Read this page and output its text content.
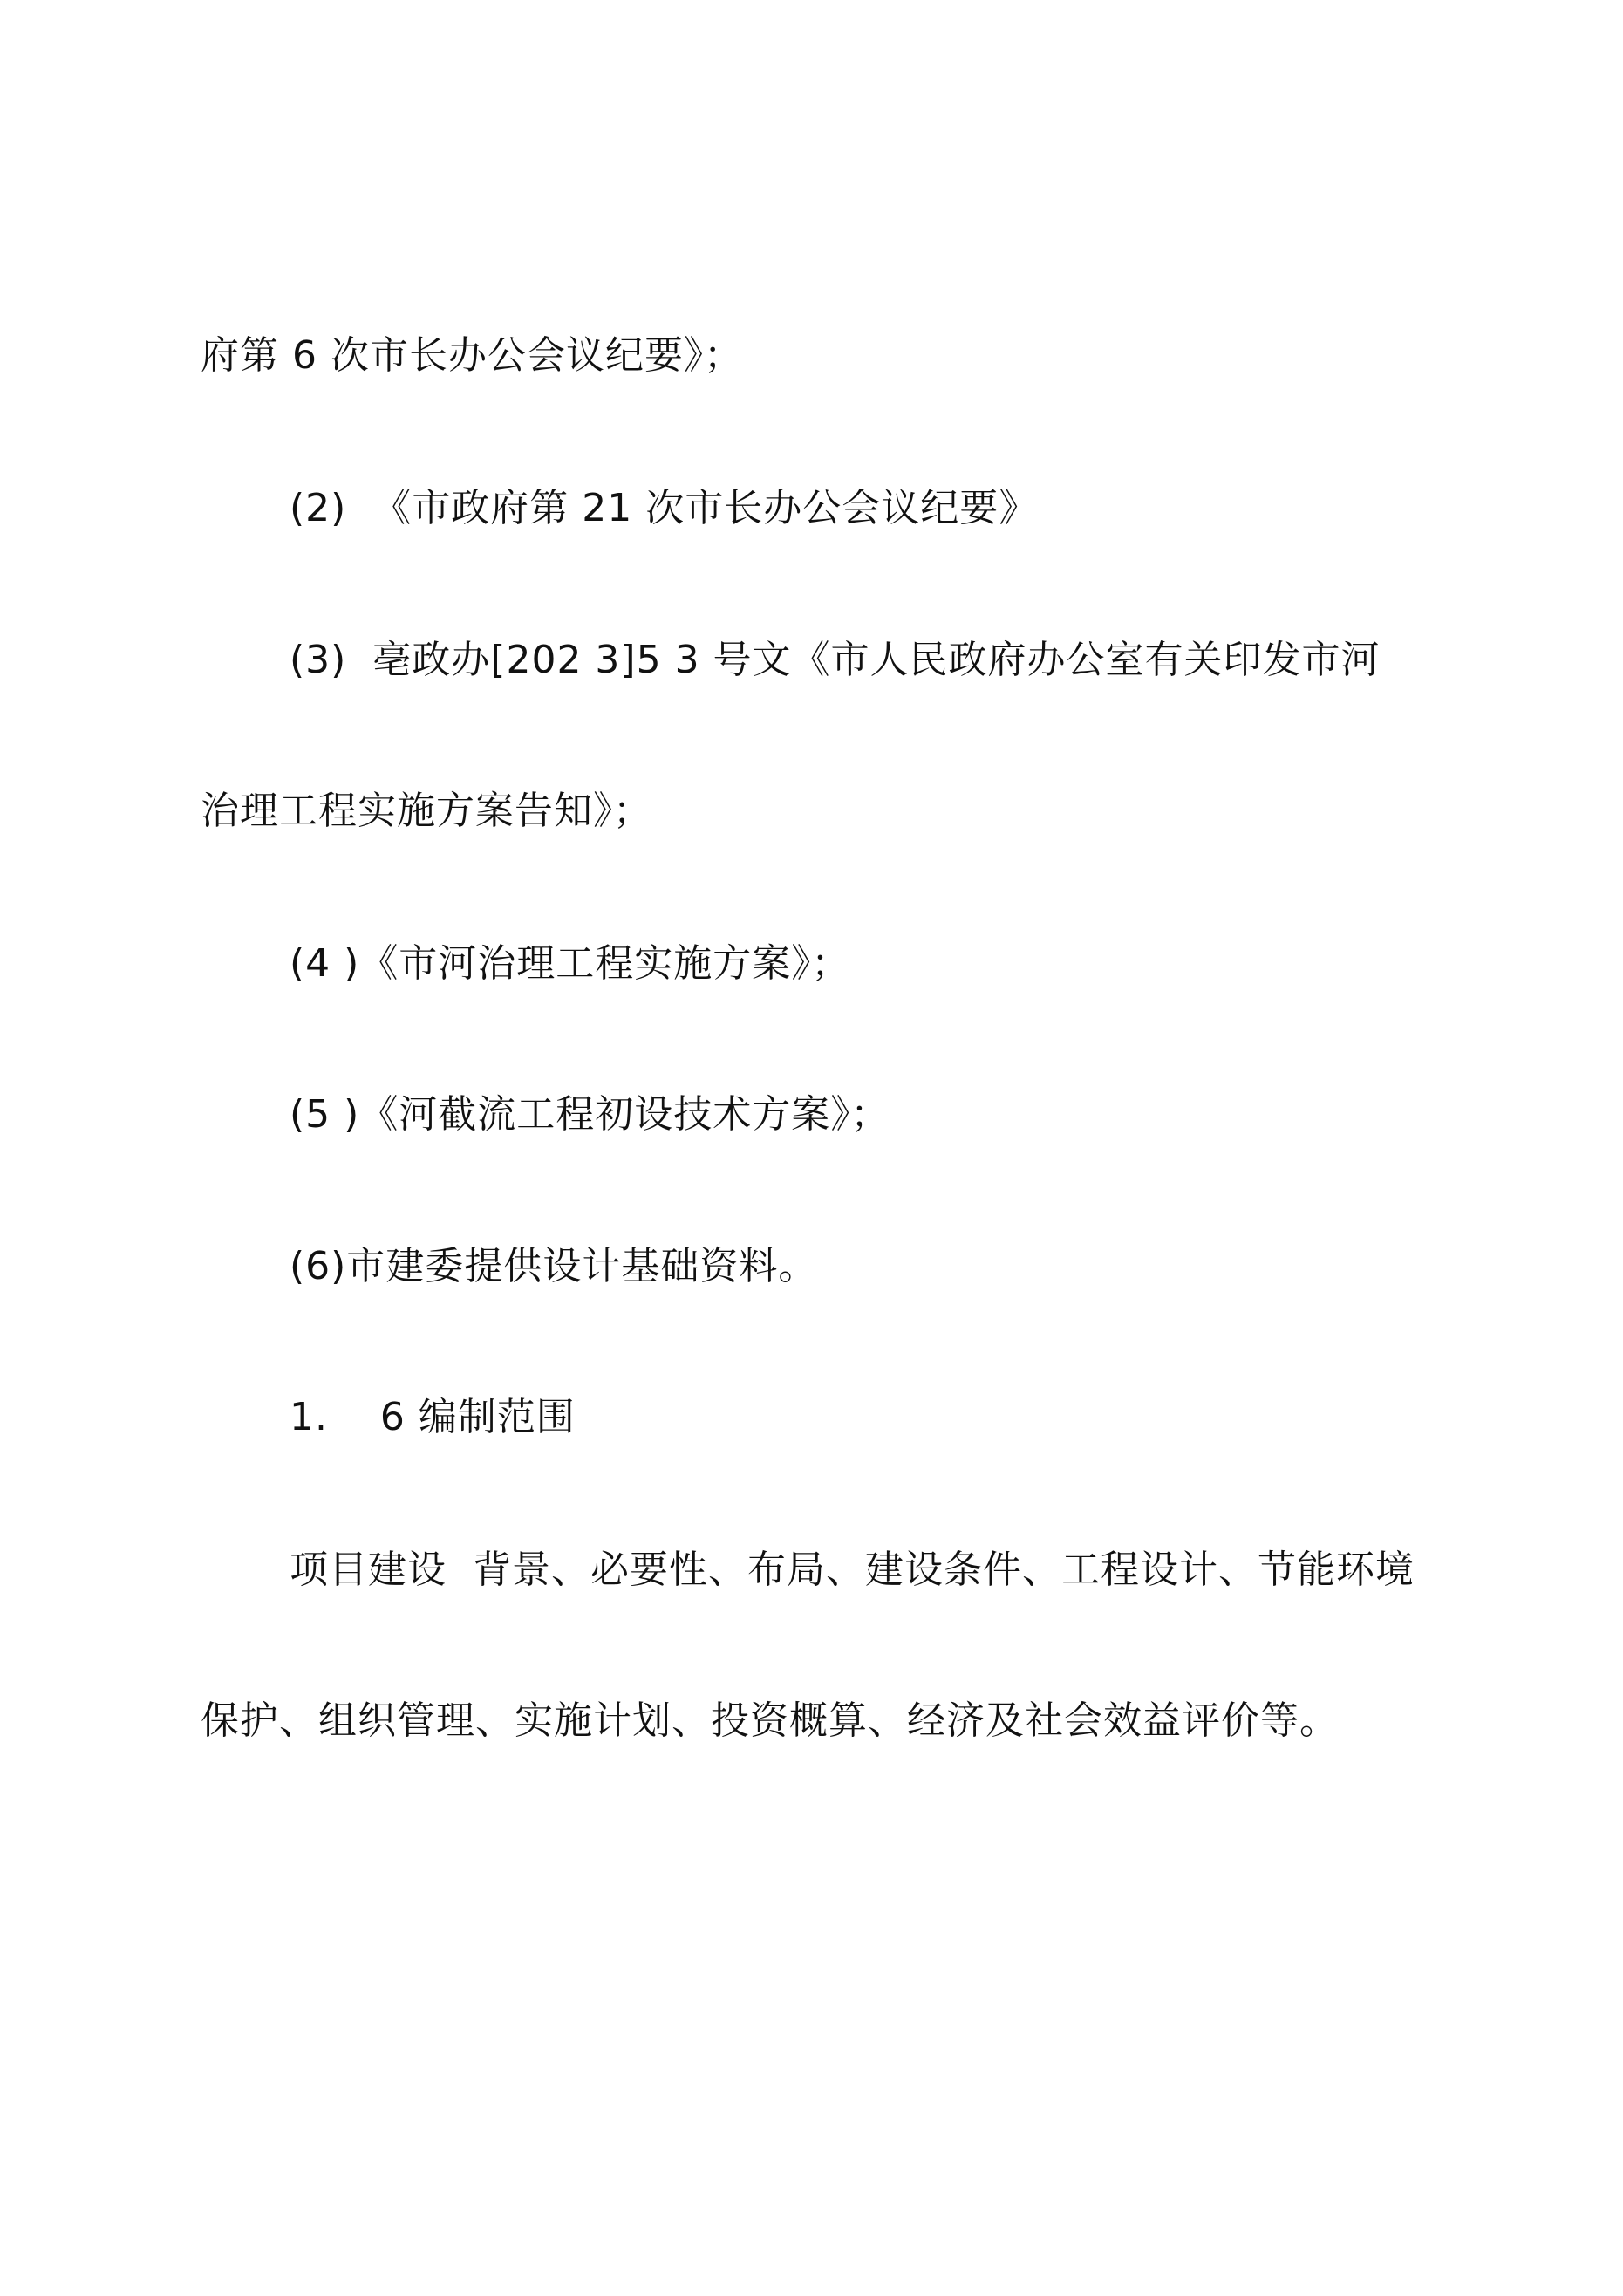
府第 6 次市长办公会议纪要》；
(2)  《市政府第 21 次市长办公会议纪要》
(3)  亳政办[202 3]5 3 号文《市人民政府办公室有关印发市河
治理工程实施方案告知》；
(4 )《市河治理工程实施方案》；
(5 )《河截流工程初设技术方案》；
(6)市建委提供设计基础资料。
1.    6 编制范围
项目建设  背景、必要性、布局、建设条件、工程设计、节能环境
保护、组织管理、实施计划、投资概算、经济及社会效益评价等。
